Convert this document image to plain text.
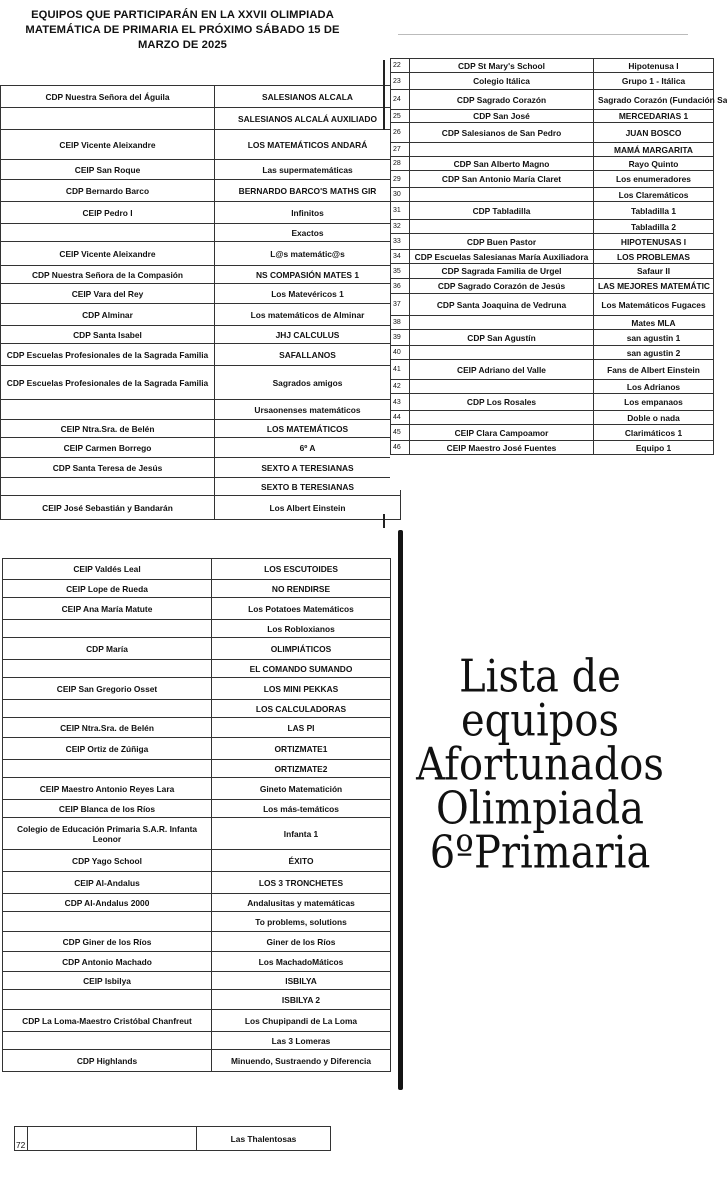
EQUIPOS QUE PARTICIPARÁN EN LA XXVII OLIMPIADA MATEMÁTICA DE PRIMARIA EL PRÓXIMO SÁBADO 15 DE MARZO DE 2025
CDP Nuestra Señora del Águila	SALESIANOS ALCALA
	SALESIANOS ALCALÁ AUXILIADO
CEIP Vicente Aleixandre	LOS MATEMÁTICOS ANDARÁ
CEIP San Roque	Las supermatemáticas
CDP Bernardo Barco	BERNARDO BARCO'S MATHS GIR
CEIP Pedro I	Infinitos
	Exactos
CEIP Vicente Aleixandre	L@s matemátic@s
CDP Nuestra Señora de la Compasión	NS COMPASIÓN MATES 1
CEIP Vara del Rey	Los Matevéricos 1
CDP Alminar	Los matemáticos de Alminar
CDP Santa Isabel	JHJ CALCULUS
CDP Escuelas Profesionales de la Sagrada Familia	SAFALLANOS
CDP Escuelas Profesionales de la Sagrada Familia	Sagrados amigos
	Ursaonenses matemáticos
CEIP Ntra.Sra. de Belén	LOS MATEMÁTICOS
CEIP Carmen Borrego	6º A
CDP Santa Teresa de Jesús	SEXTO A TERESIANAS
	SEXTO B TERESIANAS
CEIP José Sebastián y Bandarán	Los Albert Einstein
22	CDP St Mary's School	Hipotenusa I
23	Colegio Itálica	Grupo 1 - Itálica
24	CDP Sagrado Corazón	Sagrado Corazón (Fundación Sa
25	CDP San José	MERCEDARIAS 1
26	CDP Salesianos de San Pedro	JUAN BOSCO
27		MAMÁ MARGARITA
28	CDP San Alberto Magno	Rayo Quinto
29	CDP San Antonio María Claret	Los enumeradores
30		Los Claremáticos
31	CDP Tabladilla	Tabladilla 1
32		Tabladilla 2
33	CDP Buen Pastor	HIPOTENUSAS I
34	CDP Escuelas Salesianas María Auxiliadora	LOS PROBLEMAS
35	CDP Sagrada Familia de Urgel	Safaur II
36	CDP Sagrado Corazón de Jesús	LAS MEJORES MATEMÁTIC
37	CDP Santa Joaquina de Vedruna	Los Matemáticos Fugaces
38		Mates MLA
39	CDP San Agustín	san agustin 1
40		san agustin 2
41	CEIP Adriano del Valle	Fans de Albert Einstein
42		Los Adrianos
43	CDP Los Rosales	Los empanaos
44		Doble o nada
45	CEIP Clara Campoamor	Clarimáticos 1
46	CEIP Maestro José Fuentes	Equipo 1
CEIP Valdés Leal	LOS ESCUTOIDES
CEIP Lope de Rueda	NO RENDIRSE
CEIP Ana María Matute	Los Potatoes Matemáticos
	Los Robloxianos
CDP María	OLIMPIÁTICOS
	EL COMANDO SUMANDO
CEIP San Gregorio Osset	LOS MINI PEKKAS
	LOS CALCULADORAS
CEIP Ntra.Sra. de Belén	LAS PI
CEIP Ortiz de Zúñiga	ORTIZMATE1
	ORTIZMATE2
CEIP Maestro Antonio Reyes Lara	Gineto Matematición
CEIP Blanca de los Ríos	Los más-temáticos
Colegio de Educación Primaria S.A.R. Infanta Leonor	Infanta 1
CDP Yago School	ÉXITO
CEIP Al-Andalus	LOS 3 TRONCHETES
CDP Al-Andalus 2000	Andalusitas y matemáticas
	To problems, solutions
CDP Giner de los Ríos	Giner de los Ríos
CDP Antonio Machado	Los MachadoMáticos
CEIP Isbilya	ISBILYA
	ISBILYA 2
CDP La Loma-Maestro Cristóbal Chanfreut	Los Chupipandi de La Loma
	Las 3 Lomeras
CDP Highlands	Minuendo, Sustraendo y Diferencia
72		Las Thalentosas
Lista de
equipos
Afortunados
Olimpiada
6ºPrimaria
